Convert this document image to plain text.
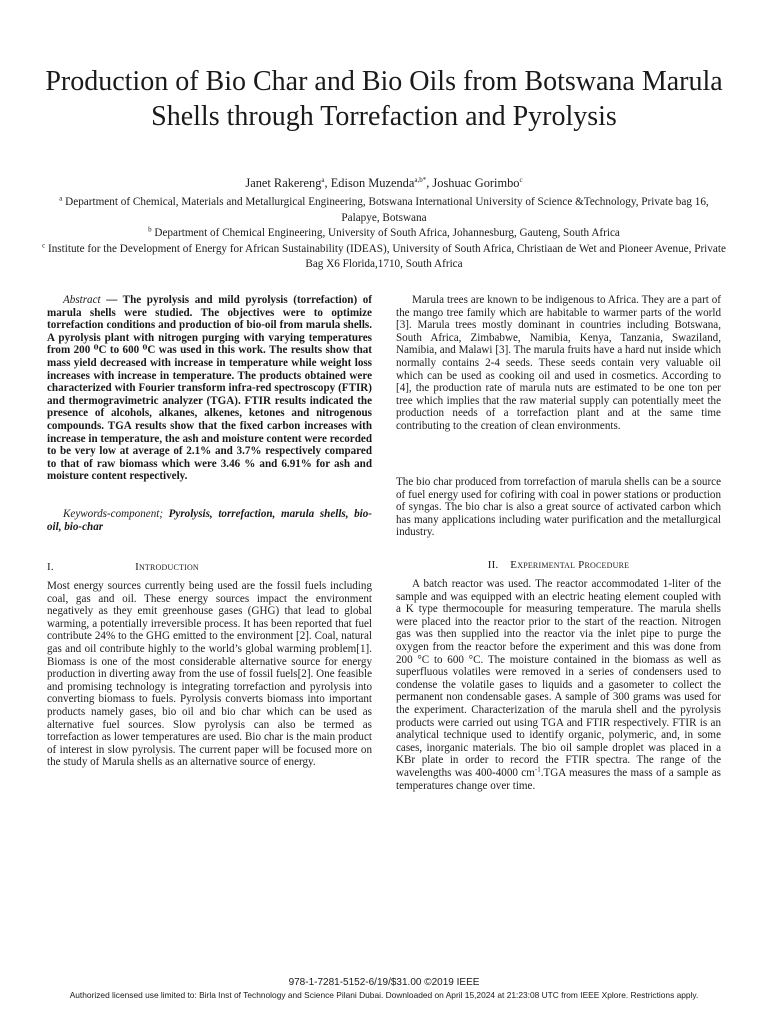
Production of Bio Char and Bio Oils from Botswana Marula Shells through Torrefaction and Pyrolysis
Janet Rakereng$^a$, Edison Muzenda$^{a,b*}$, Joshuac Gorimbo$^c$

$^a$ Department of Chemical, Materials and Metallurgical Engineering, Botswana International University of Science &Technology, Private bag 16, Palapye, Botswana

$^b$ Department of Chemical Engineering, University of South Africa, Johannesburg, Gauteng, South Africa

$^c$ Institute for the Development of Energy for African Sustainability (IDEAS), University of South Africa, Christiaan de Wet and Pioneer Avenue, Private Bag X6 Florida,1710, South Africa

Abstract — The pyrolysis and mild pyrolysis (torrefaction) of marula shells were studied. The objectives were to optimize torrefaction conditions and production of bio-oil from marula shells. A pyrolysis plant with nitrogen purging with varying temperatures from 200 ⁰C to 600 ⁰C was used in this work. The results show that mass yield decreased with increase in temperature while weight loss increases with increase in temperature. The products obtained were characterized with Fourier transform infra-red spectroscopy (FTIR) and thermogravimetric analyzer (TGA). FTIR results indicated the presence of alcohols, alkanes, alkenes, ketones and nitrogenous compounds. TGA results show that the fixed carbon increases with increase in temperature, the ash and moisture content were recorded to be very low at average of 2.1% and 3.7% respectively compared to that of raw biomass which were 3.46 % and 6.91% for ash and moisture content respectively.

Keywords-component; Pyrolysis, torrefaction, marula shells, bio-oil, bio-char

I.	Introduction

Most energy sources currently being used are the fossil fuels including coal, gas and oil. These energy sources impact the environment negatively as they emit greenhouse gases (GHG) that lead to global warming, a potentially irreversible process. It has been reported that fuel contribute 24% to the GHG emitted to the environment [2]. Coal, natural gas and oil contribute highly to the world’s global warming problem[1]. Biomass is one of the most considerable alternative source for energy production in diverting away from the use of fossil fuels[2]. One feasible and promising technology is integrating torrefaction and pyrolysis into converting biomass to fuels. Pyrolysis converts biomass into important products namely gases, bio oil and bio char which can be used as alternative fuel sources. Slow pyrolysis can also be termed as torrefaction as lower temperatures are used. Bio char is the main product of interest in slow pyrolysis. The current paper will be focused more on the study of Marula shells as an alternative source of energy.

Marula trees are known to be indigenous to Africa. They are a part of the mango tree family which are habitable to warmer parts of the world [3]. Marula trees mostly dominant in countries including Botswana, South Africa, Zimbabwe, Namibia, Kenya, Tanzania, Swaziland, Namibia, and Malawi [3]. The marula fruits have a hard nut inside which normally contains 2-4 seeds. These seeds contain very valuable oil which can be used as cooking oil and used in cosmetics. According to [4], the production rate of marula nuts are estimated to be one ton per tree which implies that the raw material supply can potentially meet the production needs of a torrefaction plant and at the same time contributing to the creation of clean environments.

The bio char produced from torrefaction of marula shells can be a source of fuel energy used for cofiring with coal in power stations or production of syngas. The bio char is also a great source of activated carbon which has many applications including water purification and the metallurgical industry.

II. Experimental Procedure

A batch reactor was used. The reactor accommodated 1-liter of the sample and was equipped with an electric heating element coupled with a K type thermocouple for measuring temperature. The marula shells were placed into the reactor prior to the start of the reaction. Nitrogen gas was then supplied into the reactor via the inlet pipe to purge the oxygen from the reactor before the experiment and this was done from 200 °C to 600 °C. The moisture contained in the biomass as well as superfluous volatiles were removed in a series of condensers used to condense the volatile gases to liquids and a gasometer to collect the permanent non condensable gases. A sample of 300 grams was used for the experiment. Characterization of the marula shell and the pyrolysis products were carried out using TGA and FTIR respectively. FTIR is an analytical technique used to identify organic, polymeric, and, in some cases, inorganic materials. The bio oil sample droplet was placed in a KBr plate in order to record the FTIR spectra. The range of the wavelengths was 400-4000 $cm^{-1}.TGA$ measures the mass of a sample as temperatures change over time.

978-1-7281-5152-6/19/$31.00 ©2019 IEEE
Authorized licensed use limited to: Birla Inst of Technology and Science Pilani Dubai. Downloaded on April 15,2024 at 21:23:08 UTC from IEEE Xplore. Restrictions apply.
